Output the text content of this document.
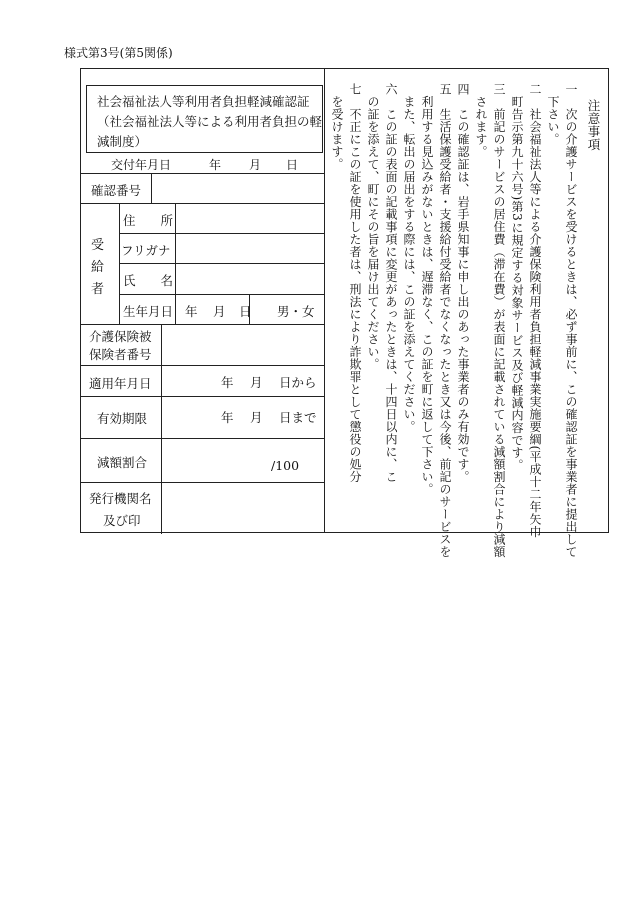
様式第3号(第5関係)
社会福祉法人等利用者負担軽減確認証
（社会福祉法人等による利用者負担の軽
減制度）
交付年月日	年 月 日
確認番号
受給者
住　　所
フリガナ
氏　　名
生年月日 年 月 日 男・女
介護保険被
保険者番号
適用年月日	年　 月　 日から
有効期限	年　 月　 日まで
減額割合	/100
発行機関名
及び印
注意事項
一　次の介護サービスを受けるときは、必ず事前に、この確認証を事業者に提出して
　下さい。
二　社会福祉法人等による介護保険利用者負担軽減事業実施要綱(平成十二年矢巾
　町告示第九十六号)第3に規定する対象サービス及び軽減内容です。
三　前記のサービスの居住費（滞在費）が表面に記載されている減額割合により減額
　されます。
四　この確認証は、岩手県知事に申し出のあった事業者のみ有効です。
五　生活保護受給者・支援給付受給者でなくなったとき又は今後、前記のサービスを
　利用する見込みがないときは、遅滞なく、この証を町に返して下さい。
　また、転出の届出をする際には、この証を添えてください。
六　この証の表面の記載事項に変更があったときは、十四日以内に、こ
　の証を添えて、町にその旨を届け出てください。
七　不正にこの証を使用した者は、刑法により詐欺罪として懲役の処分
　を受けます。
